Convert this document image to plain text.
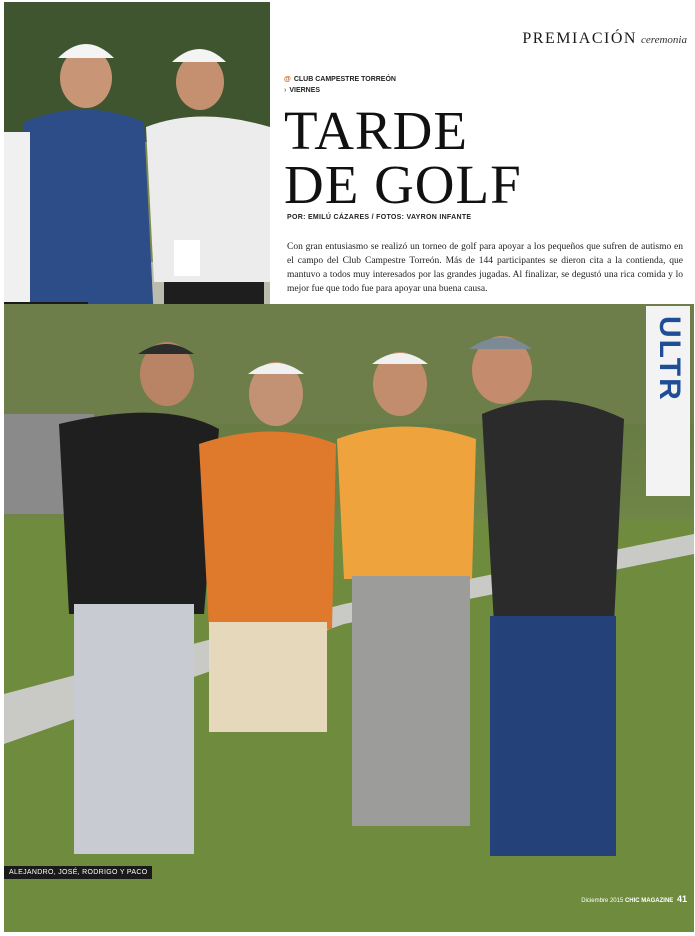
PREMIACIÓN ceremonia
@ CLUB CAMPESTRE TORREÓN
› VIERNES
TARDE
DE GOLF
POR: EMILÚ CÁZARES / FOTOS: VAYRON INFANTE
Con gran entusiasmo se realizó un torneo de golf para apoyar a los pequeños que sufren de autismo en el campo del Club Campestre Torreón. Más de 144 participantes se dieron cita a la contienda, que mantuvo a todos muy interesados por las grandes jugadas. Al finalizar, se degustó una rica comida y lo mejor fue que todo fue para apoyar una buena causa.
ULTR
ALEJANDRO, JOSÉ, RODRIGO Y PACO
Diciembre 2015 CHIC MAGAZINE 41
